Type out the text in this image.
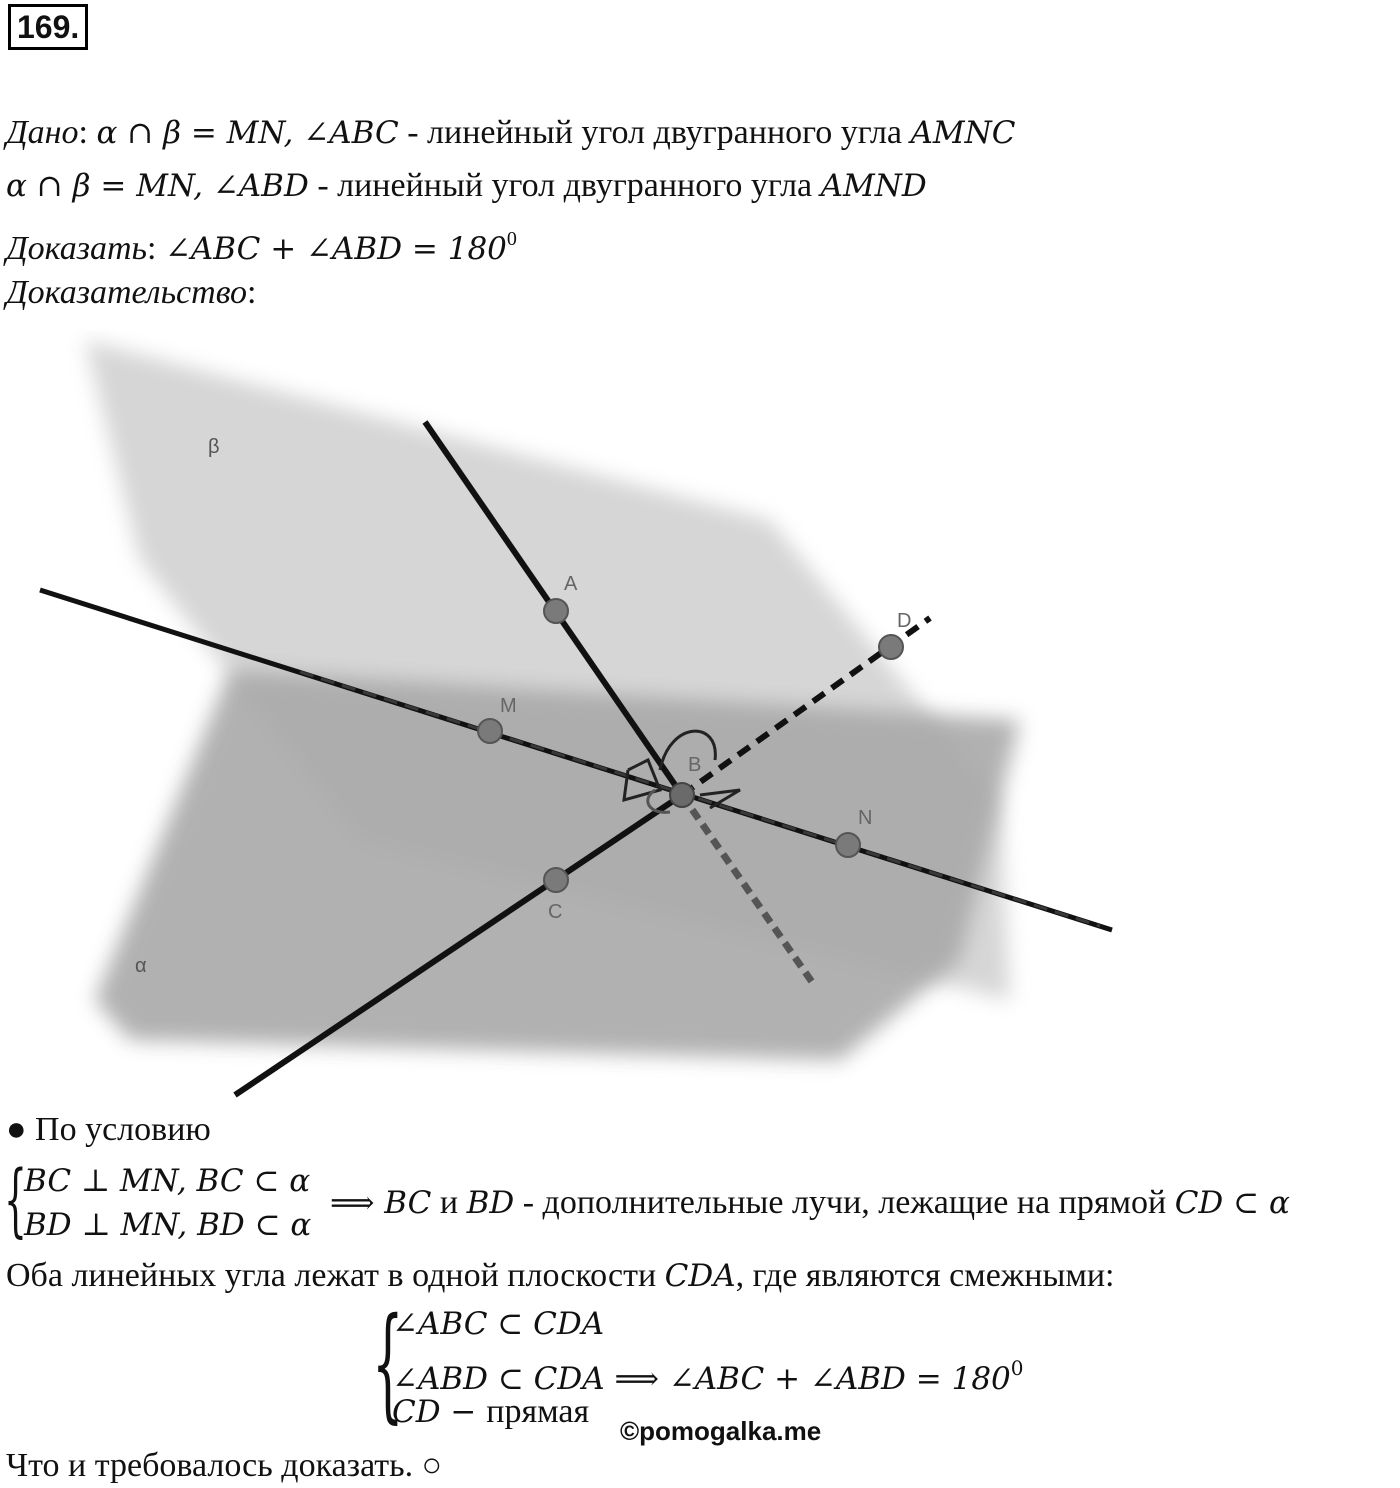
169.
Дано: α ∩ β = MN, ∠ABC - линейный угол двугранного угла AMNC
α ∩ β = MN, ∠ABD - линейный угол двугранного угла AMND
Доказать: ∠ABC + ∠ABD = $180^0$
Доказательство:
β
α
A
M
B
N
C
D
● По условию
{
BC ⊥ MN, BC ⊂ α
BD ⊥ MN, BD ⊂ α
⟹ BC и BD - дополнительные лучи, лежащие на прямой CD ⊂ α
Оба линейных угла лежат в одной плоскости CDA, где являются смежными:
{
∠ABC ⊂ CDA
∠ABD ⊂ CDA ⟹ ∠ABC + ∠ABD = $180^0$
CD − прямая
©pomogalka.me
Что и требовалось доказать. ○
